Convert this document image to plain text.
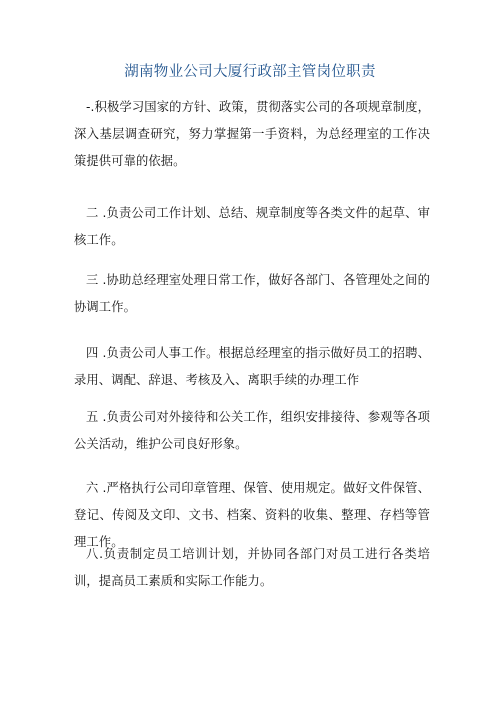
湖南物业公司大厦行政部主管岗位职责

-.积极学习国家的方针、政策，贯彻落实公司的各项规章制度，深入基层调查研究，努力掌握第一手资料，为总经理室的工作决策提供可靠的依据。

二 .负责公司工作计划、总结、规章制度等各类文件的起草、审核工作。

三 .协助总经理室处理日常工作，做好各部门、各管理处之间的协调工作。

四 .负责公司人事工作。根据总经理室的指示做好员工的招聘、录用、调配、辞退、考核及入、离职手续的办理工作

五 .负责公司对外接待和公关工作，组织安排接待、参观等各项公关活动，维护公司良好形象。

六 .严格执行公司印章管理、保管、使用规定。做好文件保管、登记、传阅及文印、文书、档案、资料的收集、整理、存档等管理工作。

八.负责制定员工培训计划，并协同各部门对员工进行各类培训，提高员工素质和实际工作能力。
